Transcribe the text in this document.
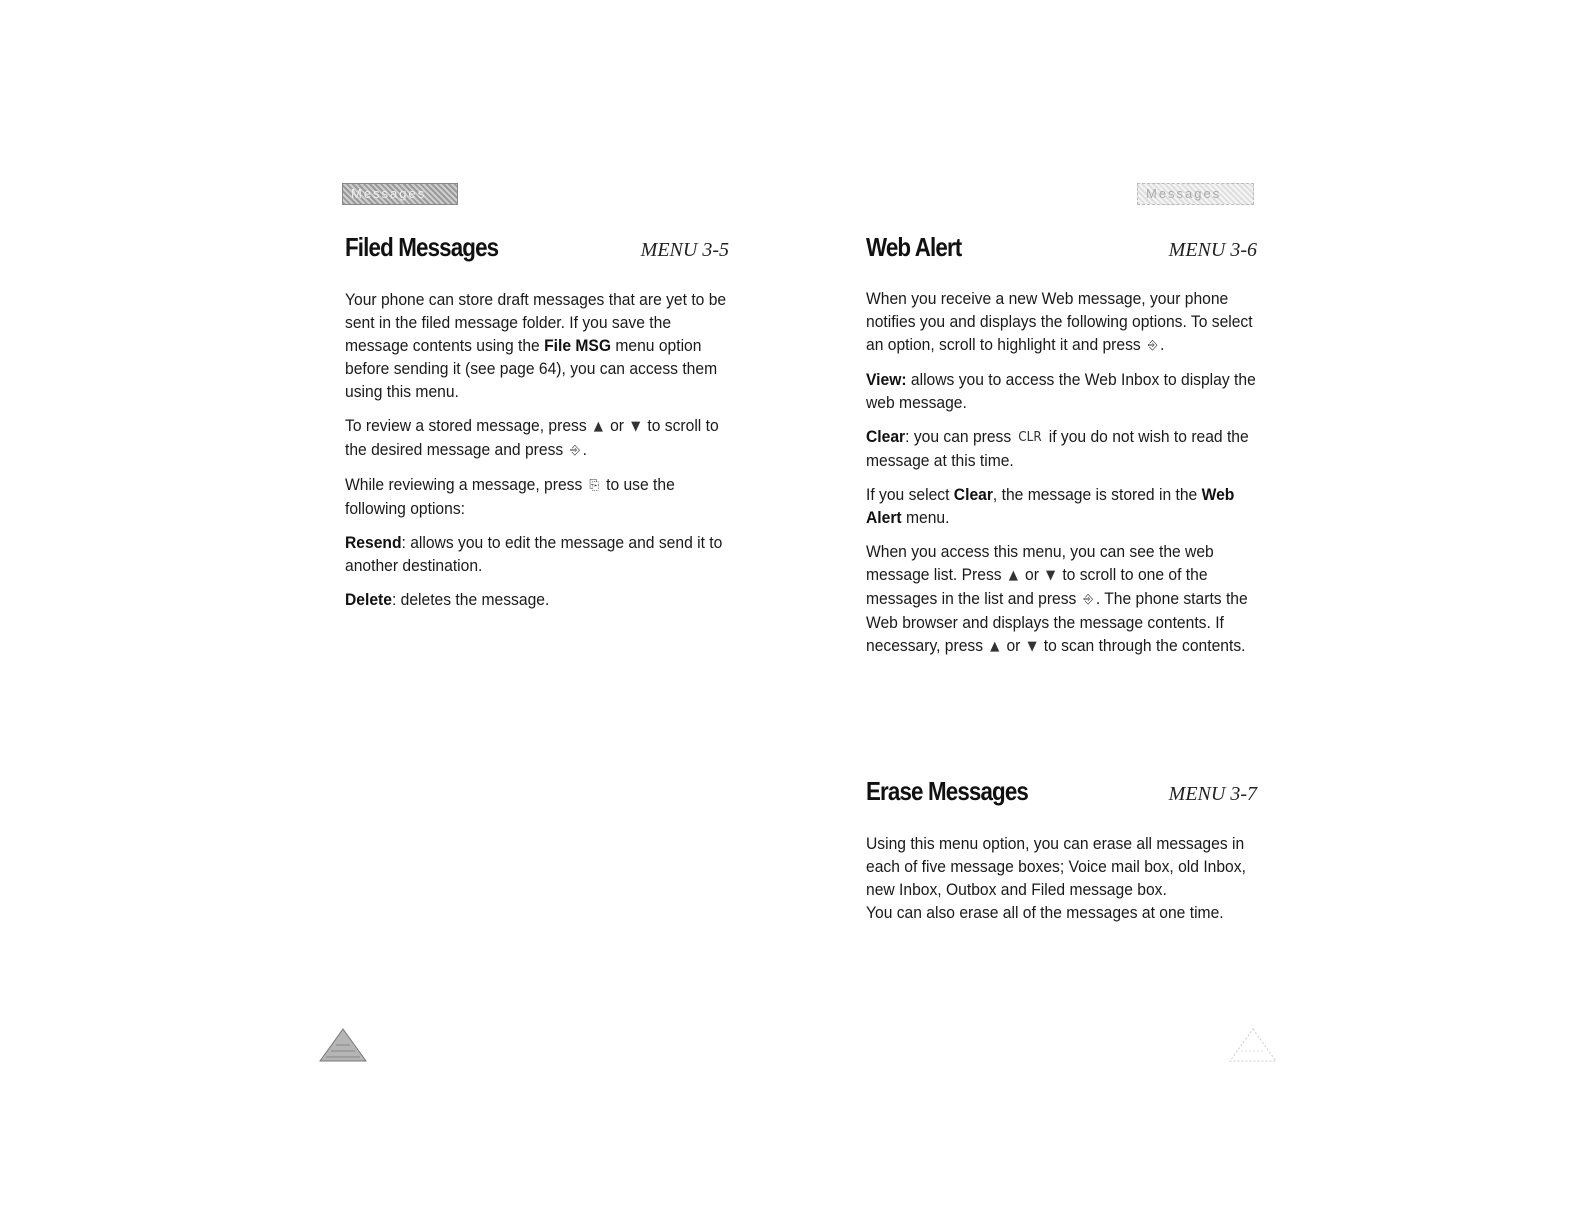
Messages
Filed Messages	MENU 3-5

Your phone can store draft messages that are yet to be sent in the filed message folder. If you save the message contents using the File MSG menu option before sending it (see page 64), you can access them using this menu.

To review a stored message, press ▲ or ▼ to scroll to the desired message and press ⎆ .

While reviewing a message, press ⎘ to use the following options:

Resend: allows you to edit the message and send it to another destination.

Delete: deletes the message.

Messages
Web Alert	MENU 3-6

When you receive a new Web message, your phone notifies you and displays the following options. To select an option, scroll to highlight it and press ⎆ .

View: allows you to access the Web Inbox to display the web message.

Clear: you can press CLR if you do not wish to read the message at this time.

If you select Clear, the message is stored in the Web Alert menu.

When you access this menu, you can see the web message list. Press ▲ or ▼ to scroll to one of the messages in the list and press ⎆ . The phone starts the Web browser and displays the message contents. If necessary, press ▲ or ▼ to scan through the contents.

Erase Messages	MENU 3-7

Using this menu option, you can erase all messages in each of five message boxes; Voice mail box, old Inbox, new Inbox, Outbox and Filed message box.
You can also erase all of the messages at one time.
